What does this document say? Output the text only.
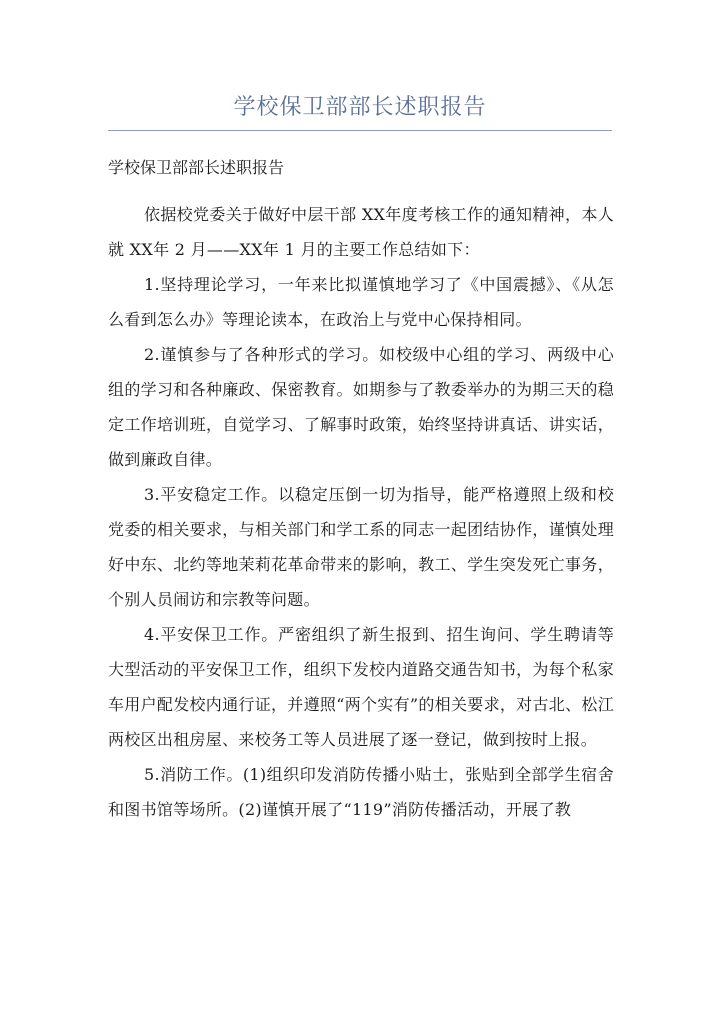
学校保卫部部长述职报告

学校保卫部部长述职报告

依据校党委关于做好中层干部 XX年度考核工作的通知精神，本人就 XX年 2 月——XX年 1 月的主要工作总结如下：

1.坚持理论学习，一年来比拟谨慎地学习了《中国震撼》、《从怎么看到怎么办》等理论读本，在政治上与党中心保持相同。

2.谨慎参与了各种形式的学习。如校级中心组的学习、两级中心组的学习和各种廉政、保密教育。如期参与了教委举办的为期三天的稳定工作培训班，自觉学习、了解事时政策，始终坚持讲真话、讲实话，做到廉政自律。

3.平安稳定工作。以稳定压倒一切为指导，能严格遵照上级和校党委的相关要求，与相关部门和学工系的同志一起团结协作，谨慎处理好中东、北约等地茉莉花革命带来的影响，教工、学生突发死亡事务，个别人员闹访和宗教等问题。

4.平安保卫工作。严密组织了新生报到、招生询问、学生聘请等大型活动的平安保卫工作，组织下发校内道路交通告知书，为每个私家车用户配发校内通行证，并遵照“两个实有”的相关要求，对古北、松江两校区出租房屋、来校务工等人员进展了逐一登记，做到按时上报。

5.消防工作。(1)组织印发消防传播小贴士，张贴到全部学生宿舍和图书馆等场所。(2)谨慎开展了“119”消防传播活动，开展了教
